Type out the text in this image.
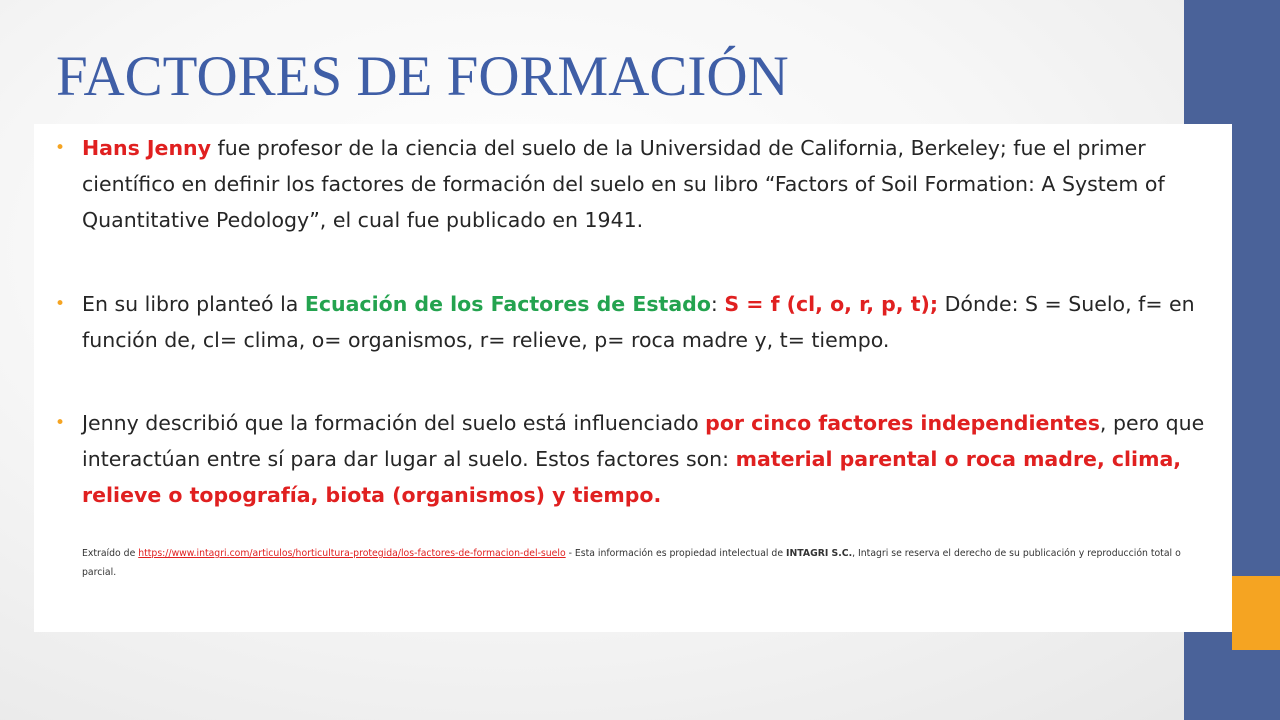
FACTORES DE FORMACIÓN
• Hans Jenny fue profesor de la ciencia del suelo de la Universidad de California, Berkeley; fue el primer científico en definir los factores de formación del suelo en su libro “Factors of Soil Formation: A System of Quantitative Pedology”, el cual fue publicado en 1941.
• En su libro planteó la Ecuación de los Factores de Estado: S = f (cl, o, r, p, t); Dónde: S = Suelo, f= en función de, cl= clima, o= organismos, r= relieve, p= roca madre y, t= tiempo.
• Jenny describió que la formación del suelo está influenciado por cinco factores independientes, pero que interactúan entre sí para dar lugar al suelo. Estos factores son: material parental o roca madre, clima, relieve o topografía, biota (organismos) y tiempo.
Extraído de https://www.intagri.com/articulos/horticultura-protegida/los-factores-de-formacion-del-suelo - Esta información es propiedad intelectual de INTAGRI S.C., Intagri se reserva el derecho de su publicación y reproducción total o parcial.
